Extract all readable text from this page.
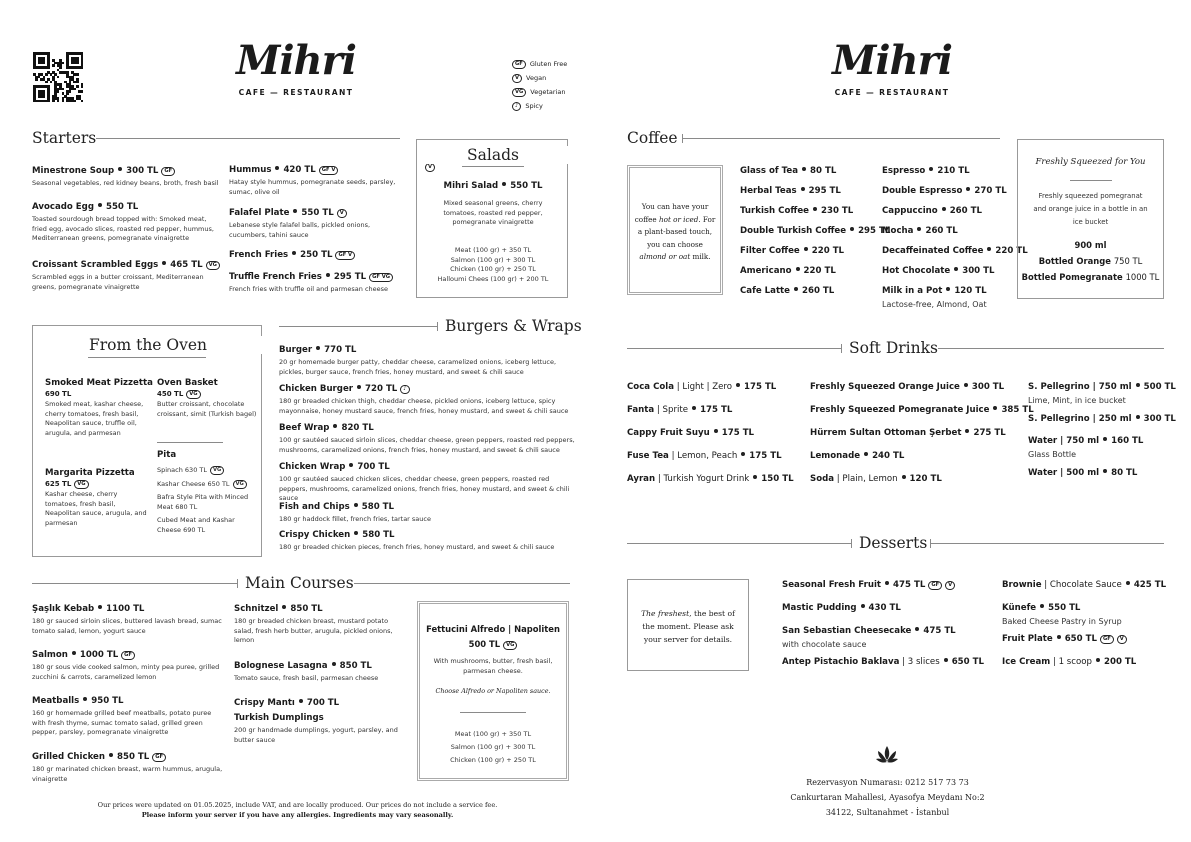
Mihri
CAFE — RESTAURANT
Mihri
CAFE — RESTAURANT
GF Gluten Free
V Vegan
VG Vegetarian
♪ Spicy
Starters
Minestrone Soup 300 TL GF
Seasonal vegetables, red kidney beans, broth, fresh basil
Avocado Egg 550 TL
Toasted sourdough bread topped with: Smoked meat, fried egg, avocado slices, roasted red pepper, hummus, Mediterranean greens, pomegranate vinaigrette
Croissant Scrambled Eggs 465 TL VG
Scrambled eggs in a butter croissant, Mediterranean greens, pomegranate vinaigrette
Hummus 420 TL GF V
Hatay style hummus, pomegranate seeds, parsley, sumac, olive oil
Falafel Plate 550 TL V
Lebanese style falafel balls, pickled onions, cucumbers, tahini sauce
French Fries 250 TL GF V
Truffle French Fries 295 TL GF VG
French fries with truffle oil and parmesan cheese

V
Salads
Mihri Salad 550 TL
Mixed seasonal greens, cherry tomatoes, roasted red pepper, pomegranate vinaigrette
Meat (100 gr) + 350 TL
Salmon (100 gr) + 300 TL
Chicken (100 gr) + 250 TL
Halloumi Chees (100 gr) + 200 TL
From the Oven
Smoked Meat Pizzetta
690 TL
Smoked meat, kashar cheese, cherry tomatoes, fresh basil, Neapolitan sauce, truffle oil, arugula, and parmesan
Margarita Pizzetta
625 TL VG
Kashar cheese, cherry tomatoes, fresh basil, Neapolitan sauce, arugula, and parmesan
Oven Basket
450 TL VG
Butter croissant, chocolate croissant, simit (Turkish bagel)
Pita
Spinach 630 TL VG
Kashar Cheese 650 TL VG
Bafra Style Pita with Minced Meat 680 TL
Cubed Meat and Kashar Cheese 690 TL
Burgers & Wraps
Burger 770 TL
20 gr homemade burger patty, cheddar cheese, caramelized onions, iceberg lettuce, pickles, burger sauce, french fries, honey mustard, and sweet & chili sauce
Chicken Burger 720 TL ♪
180 gr breaded chicken thigh, cheddar cheese, pickled onions, iceberg lettuce, spicy mayonnaise, honey mustard sauce, french fries, honey mustard, and sweet & chili sauce
Beef Wrap 820 TL
100 gr sautéed sauced sirloin slices, cheddar cheese, green peppers, roasted red peppers, mushrooms, caramelized onions, french fries, honey mustard, and sweet & chili sauce
Chicken Wrap 700 TL
100 gr sautéed sauced chicken slices, cheddar cheese, green peppers, roasted red peppers, mushrooms, caramelized onions, french fries, honey mustard, and sweet & chili sauce
Fish and Chips 580 TL
180 gr haddock fillet, french fries, tartar sauce
Crispy Chicken 580 TL
180 gr breaded chicken pieces, french fries, honey mustard, and sweet & chili sauce
Main Courses
Şaşlık Kebab 1100 TL
180 gr sauced sirloin slices, buttered lavash bread, sumac tomato salad, lemon, yogurt sauce
Salmon 1000 TL GF
180 gr sous vide cooked salmon, minty pea puree, grilled zucchini & carrots, caramelized lemon
Meatballs 950 TL
160 gr homemade grilled beef meatballs, potato puree with fresh thyme, sumac tomato salad, grilled green pepper, parsley, pomegranate vinaigrette
Grilled Chicken 850 TL GF
180 gr marinated chicken breast, warm hummus, arugula, vinaigrette
Schnitzel 850 TL
180 gr breaded chicken breast, mustard potato salad, fresh herb butter, arugula, pickled onions, lemon
Bolognese Lasagna 850 TL
Tomato sauce, fresh basil, parmesan cheese
Crispy Mantı 700 TL
Turkish Dumplings
200 gr handmade dumplings, yogurt, parsley, and butter sauce
Fettucini Alfredo | Napoliten
500 TL VG
With mushrooms, butter, fresh basil, parmesan cheese.
Choose Alfredo or Napoliten sauce.
Meat (100 gr) + 350 TL
Salmon (100 gr) + 300 TL
Chicken (100 gr) + 250 TL
Our prices were updated on 01.05.2025, include VAT, and are locally produced. Our prices do not include a service fee.
Please inform your server if you have any allergies. Ingredients may vary seasonally.
Coffee
You can have your coffee hot or iced. For a plant-based touch, you can choose almond or oat milk.
Glass of Tea 80 TL
Herbal Teas 295 TL
Turkish Coffee 230 TL
Double Turkish Coffee 295 TL
Filter Coffee 220 TL
Americano 220 TL
Cafe Latte 260 TL
Espresso 210 TL
Double Espresso 270 TL
Cappuccino 260 TL
Mocha 260 TL
Decaffeinated Coffee 220 TL
Hot Chocolate 300 TL
Milk in a Pot 120 TL
Lactose-free, Almond, Oat
Freshly Squeezed for You
Freshly squeezed pomegranat and orange juice in a bottle in an ice bucket
900 ml
Bottled Orange 750 TL
Bottled Pomegranate 1000 TL
Soft Drinks
Coca Cola | Light | Zero 175 TL
Fanta | Sprite 175 TL
Cappy Fruit Suyu 175 TL
Fuse Tea | Lemon, Peach 175 TL
Ayran | Turkish Yogurt Drink 150 TL
Freshly Squeezed Orange Juice 300 TL
Freshly Squeezed Pomegranate Juice 385 TL
Hürrem Sultan Ottoman Şerbet 275 TL
Lemonade 240 TL
Soda | Plain, Lemon 120 TL
S. Pellegrino | 750 ml 500 TL
Lime, Mint, in ice bucket
S. Pellegrino | 250 ml 300 TL
Water | 750 ml 160 TL
Glass Bottle
Water | 500 ml 80 TL
Desserts
The freshest, the best of the moment. Please ask your server for details.
Seasonal Fresh Fruit 475 TL GF V
Mastic Pudding 430 TL
San Sebastian Cheesecake 475 TL
with chocolate sauce
Antep Pistachio Baklava | 3 slices 650 TL
Brownie | Chocolate Sauce 425 TL
Künefe 550 TL
Baked Cheese Pastry in Syrup
Fruit Plate 650 TL GF V
Ice Cream | 1 scoop 200 TL
Rezervasyon Numarası: 0212 517 73 73
Cankurtaran Mahallesi, Ayasofya Meydanı No:2
34122, Sultanahmet - İstanbul
